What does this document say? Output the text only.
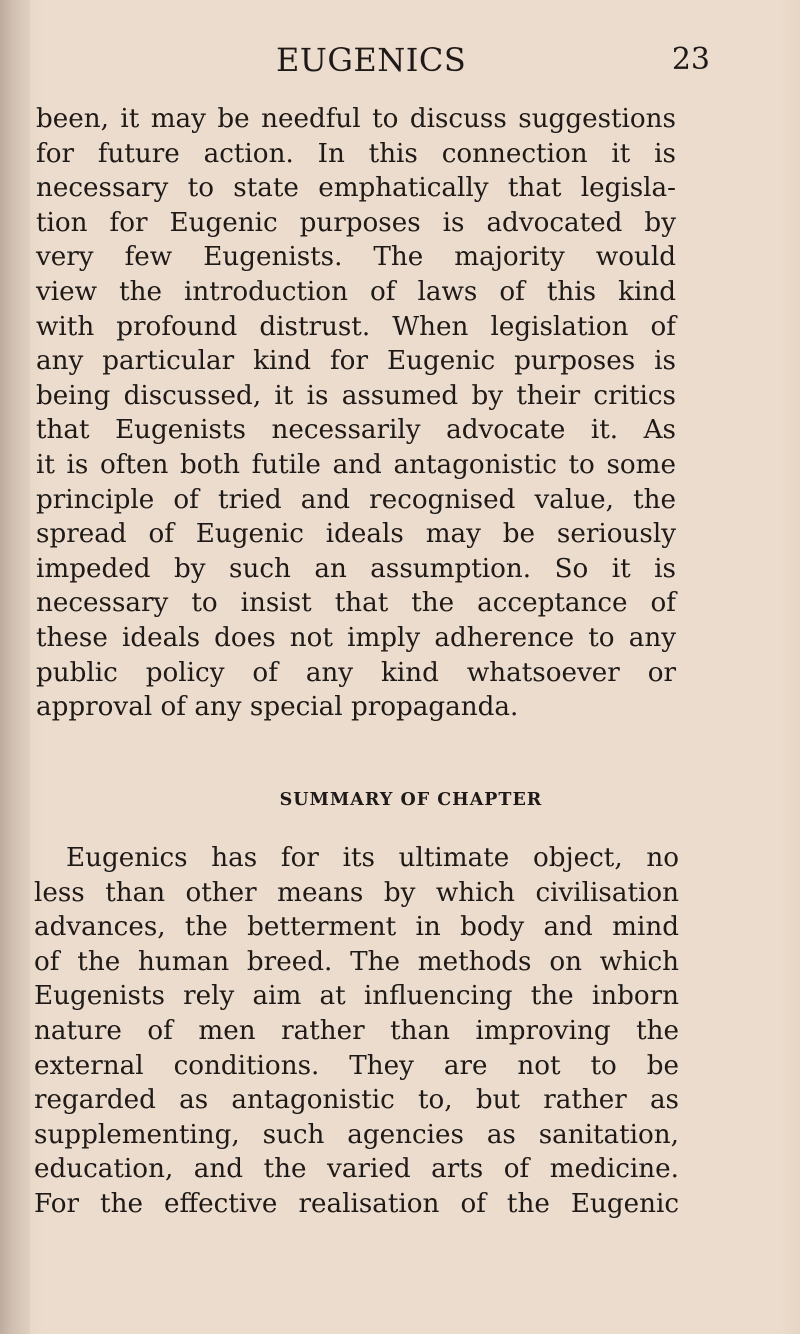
EUGENICS	23
been, it may be needful to discuss suggestions
for future action. In this connection it is
necessary to state emphatically that legisla-
tion for Eugenic purposes is advocated by
very few Eugenists. The majority would
view the introduction of laws of this kind
with profound distrust. When legislation of
any particular kind for Eugenic purposes is
being discussed, it is assumed by their critics
that Eugenists necessarily advocate it. As
it is often both futile and antagonistic to some
principle of tried and recognised value, the
spread of Eugenic ideals may be seriously
impeded by such an assumption. So it is
necessary to insist that the acceptance of
these ideals does not imply adherence to any
public policy of any kind whatsoever or
approval of any special propaganda.
SUMMARY OF CHAPTER
Eugenics has for its ultimate object, no
less than other means by which civilisation
advances, the betterment in body and mind
of the human breed. The methods on which
Eugenists rely aim at influencing the inborn
nature of men rather than improving the
external conditions. They are not to be
regarded as antagonistic to, but rather as
supplementing, such agencies as sanitation,
education, and the varied arts of medicine.
For the effective realisation of the Eugenic
